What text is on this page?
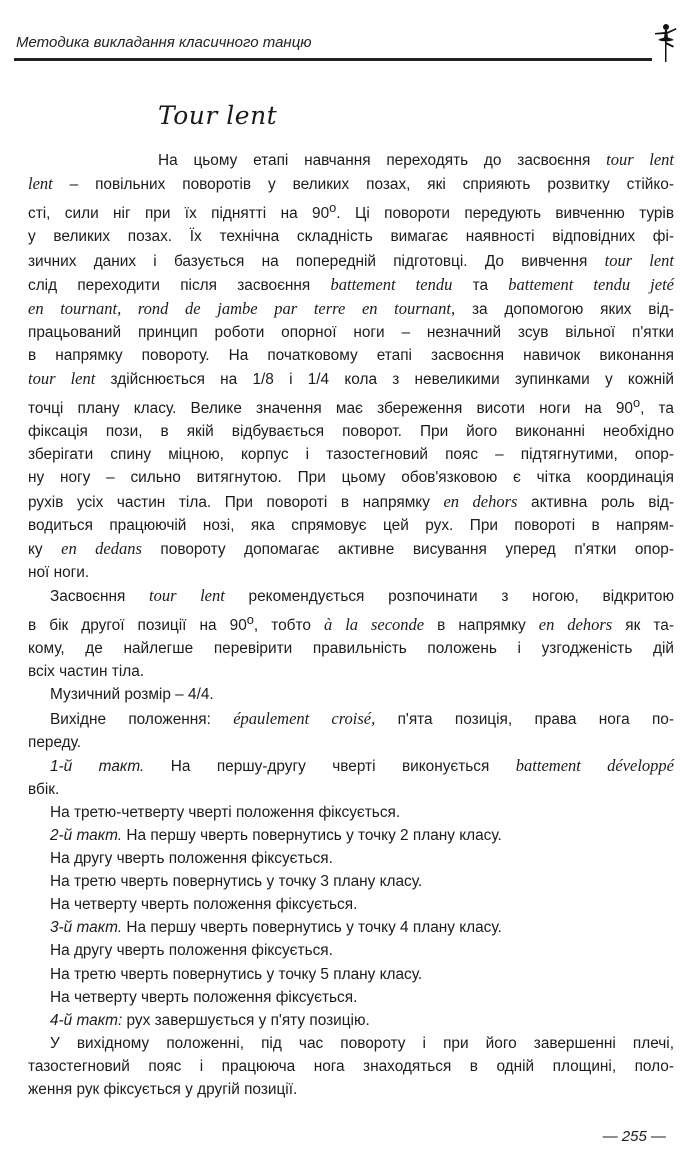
Методика викладання класичного танцю
Tour lent

На цьому етапі навчання переходять до засвоєння tour lent

lent – повільних поворотів у великих позах, які сприяють розвитку стійко-

сті, сили ніг при їх піднятті на $90^о$. Ці повороти передують вивченню турів

у великих позах. Їх технічна складність вимагає наявності відповідних фі-

зичних даних і базується на попередній підготовці. До вивчення tour lent

слід переходити після засвоєння battement tendu та battement tendu jeté

en tournant, rond de jambe par terre en tournant, за допомогою яких від-

працьований принцип роботи опорної ноги – незначний зсув вільної п'ятки

в напрямку повороту. На початковому етапі засвоєння навичок виконання

tour lent здійснюється на 1/8 і 1/4 кола з невеликими зупинками у кожній

точці плану класу. Велике значення має збереження висоти ноги на $90^о$, та

фіксація пози, в якій відбувається поворот. При його виконанні необхідно

зберігати спину міцною, корпус і тазостегновий пояс – підтягнутими, опор-

ну ногу – сильно витягнутою. При цьому обов'язковою є чітка координація

рухів усіх частин тіла. При повороті в напрямку en dehors активна роль від-

водиться працюючій нозі, яка спрямовує цей рух. При повороті в напрям-

ку en dedans повороту допомагає активне висування уперед п'ятки опор-

ної ноги.

Засвоєння tour lent рекомендується розпочинати з ногою, відкритою

в бік другої позиції на $90^о$, тобто à la seconde в напрямку en dehors як та-

кому, де найлегше перевірити правильність положень і узгодженість дій

всіх частин тіла.

Музичний розмір – 4/4.

Вихідне положення: épaulement croisé, п'ята позиція, права нога по-

переду.

1-й такт. На першу-другу чверті виконується battement développé

вбік.

На третю-четверту чверті положення фіксується.

2-й такт. На першу чверть повернутись у точку 2 плану класу.

На другу чверть положення фіксується.

На третю чверть повернутись у точку 3 плану класу.

На четверту чверть положення фіксується.

3-й такт. На першу чверть повернутись у точку 4 плану класу.

На другу чверть положення фіксується.

На третю чверть повернутись у точку 5 плану класу.

На четверту чверть положення фіксується.

4-й такт: рух завершується у п'яту позицію.

У вихідному положенні, під час повороту і при його завершенні плечі,

тазостегновий пояс і працююча нога знаходяться в одній площині, поло-

ження рук фіксується у другій позиції.

— 255 —
